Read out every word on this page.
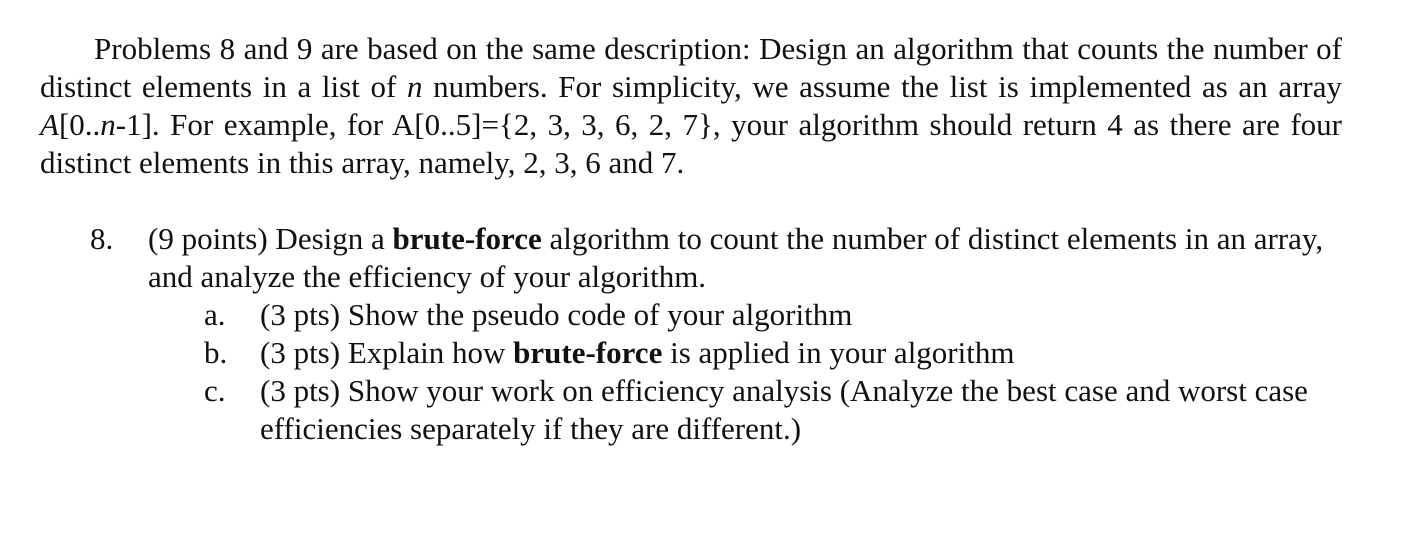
Problems 8 and 9 are based on the same description: Design an algorithm that counts the number of distinct elements in a list of n numbers. For simplicity, we assume the list is implemented as an array A[0..n-1]. For example, for A[0..5]={2, 3, 3, 6, 2, 7}, your algorithm should return 4 as there are four distinct elements in this array, namely, 2, 3, 6 and 7.

8.	(9 points) Design a brute-force algorithm to count the number of distinct elements in an array, and analyze the efficiency of your algorithm.
a.	(3 pts) Show the pseudo code of your algorithm
b.	(3 pts) Explain how brute-force is applied in your algorithm
c.	(3 pts) Show your work on efficiency analysis (Analyze the best case and worst case efficiencies separately if they are different.)
